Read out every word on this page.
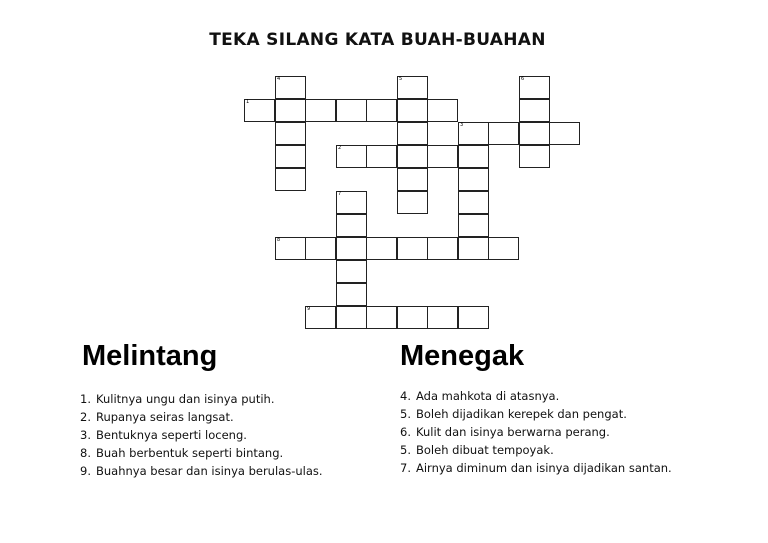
TEKA SILANG KATA BUAH-BUAHAN
4	5	6
1
3
2
7
8
9
Melintang
1. Kulitnya ungu dan isinya putih.
2. Rupanya seiras langsat.
3. Bentuknya seperti loceng.
8. Buah berbentuk seperti bintang.
9. Buahnya besar dan isinya berulas-ulas.
Menegak
4. Ada mahkota di atasnya.
5. Boleh dijadikan kerepek dan pengat.
6. Kulit dan isinya berwarna perang.
5. Boleh dibuat tempoyak.
7. Airnya diminum dan isinya dijadikan santan.
